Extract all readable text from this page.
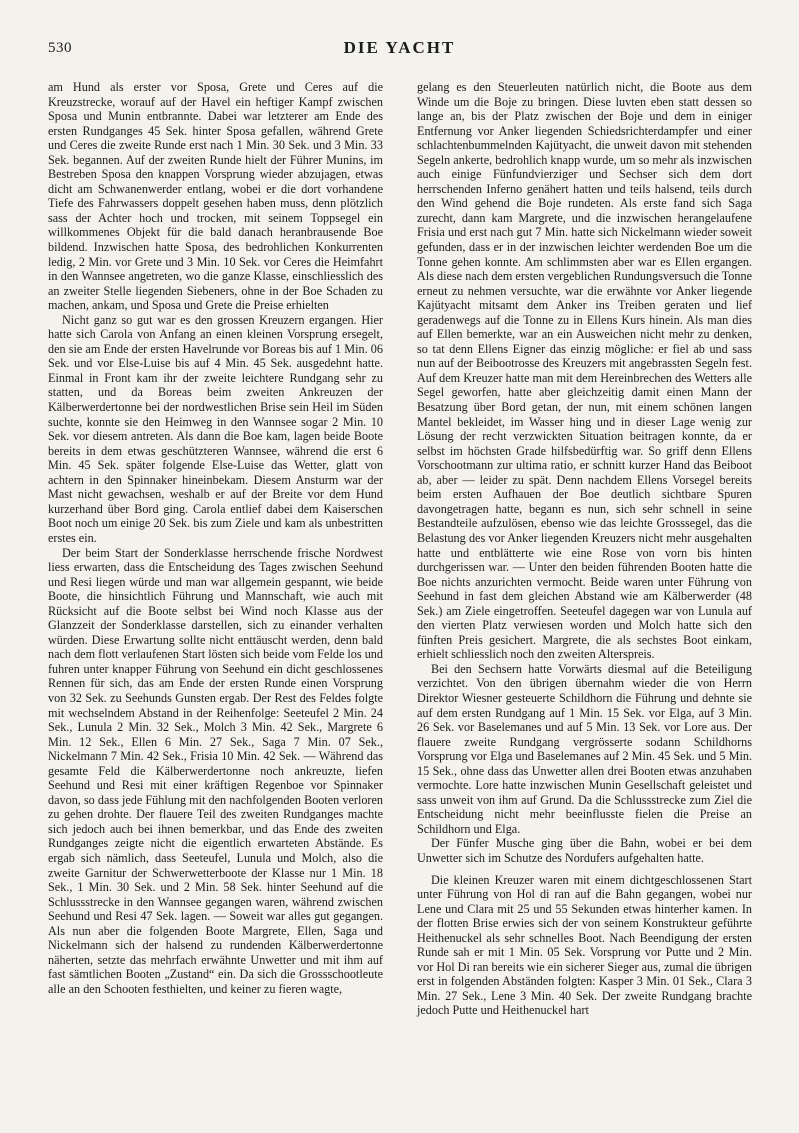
530	DIE YACHT

am Hund als erster vor Sposa, Grete und Ceres auf die Kreuzstrecke, worauf auf der Havel ein heftiger Kampf zwischen Sposa und Munin entbrannte. Dabei war letzterer am Ende des ersten Rundganges 45 Sek. hinter Sposa gefallen, während Grete und Ceres die zweite Runde erst nach 1 Min. 30 Sek. und 3 Min. 33 Sek. begannen. Auf der zweiten Runde hielt der Führer Munins, im Bestreben Sposa den knappen Vorsprung wieder abzujagen, etwas dicht am Schwanenwerder entlang, wobei er die dort vorhandene Tiefe des Fahrwassers doppelt gesehen haben muss, denn plötzlich sass der Achter hoch und trocken, mit seinem Toppsegel ein willkommenes Objekt für die bald danach heranbrausende Boe bildend. Inzwischen hatte Sposa, des bedrohlichen Konkurrenten ledig, 2 Min. vor Grete und 3 Min. 10 Sek. vor Ceres die Heimfahrt in den Wannsee angetreten, wo die ganze Klasse, einschliesslich des an zweiter Stelle liegenden Siebeners, ohne in der Boe Schaden zu machen, ankam, und Sposa und Grete die Preise erhielten

Nicht ganz so gut war es den grossen Kreuzern ergangen. Hier hatte sich Carola von Anfang an einen kleinen Vorsprung ersegelt, den sie am Ende der ersten Havelrunde vor Boreas bis auf 1 Min. 06 Sek. und vor Else-Luise bis auf 4 Min. 45 Sek. ausgedehnt hatte. Einmal in Front kam ihr der zweite leichtere Rundgang sehr zu statten, und da Boreas beim zweiten Ankreuzen der Kälberwerdertonne bei der nordwestlichen Brise sein Heil im Süden suchte, konnte sie den Heimweg in den Wannsee sogar 2 Min. 10 Sek. vor diesem antreten. Als dann die Boe kam, lagen beide Boote bereits in dem etwas geschützteren Wannsee, während die erst 6 Min. 45 Sek. später folgende Else-Luise das Wetter, glatt von achtern in den Spinnaker hineinbekam. Diesem Ansturm war der Mast nicht gewachsen, weshalb er auf der Breite vor dem Hund kurzerhand über Bord ging. Carola entlief dabei dem Kaiserschen Boot noch um einige 20 Sek. bis zum Ziele und kam als unbestritten erstes ein.

Der beim Start der Sonderklasse herrschende frische Nordwest liess erwarten, dass die Entscheidung des Tages zwischen Seehund und Resi liegen würde und man war allgemein gespannt, wie beide Boote, die hinsichtlich Führung und Mannschaft, wie auch mit Rücksicht auf die Boote selbst bei Wind noch Klasse aus der Glanzzeit der Sonderklasse darstellen, sich zu einander verhalten würden. Diese Erwartung sollte nicht enttäuscht werden, denn bald nach dem flott verlaufenen Start lösten sich beide vom Felde los und fuhren unter knapper Führung von Seehund ein dicht geschlossenes Rennen für sich, das am Ende der ersten Runde einen Vorsprung von 32 Sek. zu Seehunds Gunsten ergab. Der Rest des Feldes folgte mit wechselndem Abstand in der Reihenfolge: Seeteufel 2 Min. 24 Sek., Lunula 2 Min. 32 Sek., Molch 3 Min. 42 Sek., Margrete 6 Min. 12 Sek., Ellen 6 Min. 27 Sek., Saga 7 Min. 07 Sek., Nickelmann 7 Min. 42 Sek., Frisia 10 Min. 42 Sek. — Während das gesamte Feld die Kälberwerdertonne noch ankreuzte, liefen Seehund und Resi mit einer kräftigen Regenboe vor Spinnaker davon, so dass jede Fühlung mit den nachfolgenden Booten verloren zu gehen drohte. Der flauere Teil des zweiten Rundganges machte sich jedoch auch bei ihnen bemerkbar, und das Ende des zweiten Rundganges zeigte nicht die eigentlich erwarteten Abstände. Es ergab sich nämlich, dass Seeteufel, Lunula und Molch, also die zweite Garnitur der Schwerwetterboote der Klasse nur 1 Min. 18 Sek., 1 Min. 30 Sek. und 2 Min. 58 Sek. hinter Seehund auf die Schlussstrecke in den Wannsee gegangen waren, während zwischen Seehund und Resi 47 Sek. lagen. — Soweit war alles gut gegangen. Als nun aber die folgenden Boote Margrete, Ellen, Saga und Nickelmann sich der halsend zu rundenden Kälberwerdertonne näherten, setzte das mehrfach erwähnte Unwetter und mit ihm auf fast sämtlichen Booten „Zustand“ ein. Da sich die Grossschootleute alle an den Schooten festhielten, und keiner zu fieren wagte,

gelang es den Steuerleuten natürlich nicht, die Boote aus dem Winde um die Boje zu bringen. Diese luvten eben statt dessen so lange an, bis der Platz zwischen der Boje und dem in einiger Entfernung vor Anker liegenden Schiedsrichterdampfer und einer schlachtenbummelnden Kajütyacht, die unweit davon mit stehenden Segeln ankerte, bedrohlich knapp wurde, um so mehr als inzwischen auch einige Fünfundvierziger und Sechser sich dem dort herrschenden Inferno genähert hatten und teils halsend, teils durch den Wind gehend die Boje rundeten. Als erste fand sich Saga zurecht, dann kam Margrete, und die inzwischen herangelaufene Frisia und erst nach gut 7 Min. hatte sich Nickelmann wieder soweit gefunden, dass er in der inzwischen leichter werdenden Boe um die Tonne gehen konnte. Am schlimmsten aber war es Ellen ergangen. Als diese nach dem ersten vergeblichen Rundungsversuch die Tonne erneut zu nehmen versuchte, war die erwähnte vor Anker liegende Kajütyacht mitsamt dem Anker ins Treiben geraten und lief geradenwegs auf die Tonne zu in Ellens Kurs hinein. Als man dies auf Ellen bemerkte, war an ein Ausweichen nicht mehr zu denken, so tat denn Ellens Eigner das einzig mögliche: er fiel ab und sass nun auf der Beibootrosse des Kreuzers mit angebrassten Segeln fest. Auf dem Kreuzer hatte man mit dem Hereinbrechen des Wetters alle Segel geworfen, hatte aber gleichzeitig damit einen Mann der Besatzung über Bord getan, der nun, mit einem schönen langen Mantel bekleidet, im Wasser hing und in dieser Lage wenig zur Lösung der recht verzwickten Situation beitragen konnte, da er selbst im höchsten Grade hilfsbedürftig war. So griff denn Ellens Vorschootmann zur ultima ratio, er schnitt kurzer Hand das Beiboot ab, aber — leider zu spät. Denn nachdem Ellens Vorsegel bereits beim ersten Aufhauen der Boe deutlich sichtbare Spuren davongetragen hatte, begann es nun, sich sehr schnell in seine Bestandteile aufzulösen, ebenso wie das leichte Grosssegel, das die Belastung des vor Anker liegenden Kreuzers nicht mehr ausgehalten hatte und entblätterte wie eine Rose von vorn bis hinten durchgerissen war. — Unter den beiden führenden Booten hatte die Boe nichts anzurichten vermocht. Beide waren unter Führung von Seehund in fast dem gleichen Abstand wie am Kälberwerder (48 Sek.) am Ziele eingetroffen. Seeteufel dagegen war von Lunula auf den vierten Platz verwiesen worden und Molch hatte sich den fünften Preis gesichert. Margrete, die als sechstes Boot einkam, erhielt schliesslich noch den zweiten Alterspreis.

Bei den Sechsern hatte Vorwärts diesmal auf die Beteiligung verzichtet. Von den übrigen übernahm wieder die von Herrn Direktor Wiesner gesteuerte Schildhorn die Führung und dehnte sie auf dem ersten Rundgang auf 1 Min. 15 Sek. vor Elga, auf 3 Min. 26 Sek. vor Baselemanes und auf 5 Min. 13 Sek. vor Lore aus. Der flauere zweite Rundgang vergrösserte sodann Schildhorns Vorsprung vor Elga und Baselemanes auf 2 Min. 45 Sek. und 5 Min. 15 Sek., ohne dass das Unwetter allen drei Booten etwas anzuhaben vermochte. Lore hatte inzwischen Munin Gesellschaft geleistet und sass unweit von ihm auf Grund. Da die Schlussstrecke zum Ziel die Entscheidung nicht mehr beeinflusste fielen die Preise an Schildhorn und Elga.

Der Fünfer Musche ging über die Bahn, wobei er bei dem Unwetter sich im Schutze des Nordufers aufgehalten hatte.

Die kleinen Kreuzer waren mit einem dichtgeschlossenen Start unter Führung von Hol di ran auf die Bahn gegangen, wobei nur Lene und Clara mit 25 und 55 Sekunden etwas hinterher kamen. In der flotten Brise erwies sich der von seinem Konstrukteur geführte Heithenuckel als sehr schnelles Boot. Nach Beendigung der ersten Runde sah er mit 1 Min. 05 Sek. Vorsprung vor Putte und 2 Min. vor Hol Di ran bereits wie ein sicherer Sieger aus, zumal die übrigen erst in folgenden Abständen folgten: Kasper 3 Min. 01 Sek., Clara 3 Min. 27 Sek., Lene 3 Min. 40 Sek. Der zweite Rundgang brachte jedoch Putte und Heithenuckel hart
